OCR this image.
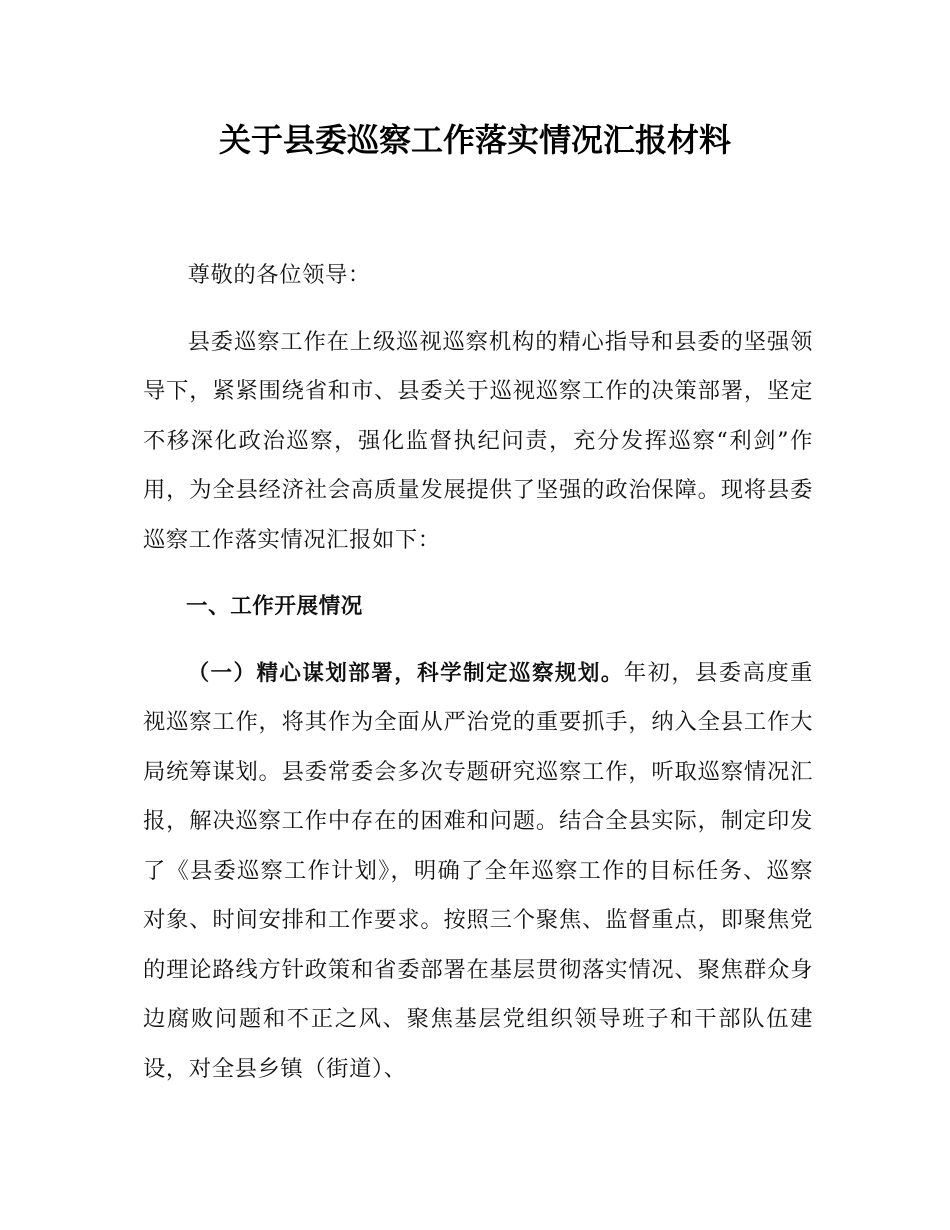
关于县委巡察工作落实情况汇报材料

尊敬的各位领导：

县委巡察工作在上级巡视巡察机构的精心指导和县委的坚强领导下，紧紧围绕省和市、县委关于巡视巡察工作的决策部署，坚定不移深化政治巡察，强化监督执纪问责，充分发挥巡察“利剑”作用，为全县经济社会高质量发展提供了坚强的政治保障。现将县委巡察工作落实情况汇报如下：

一、工作开展情况

（一）精心谋划部署，科学制定巡察规划。年初，县委高度重视巡察工作，将其作为全面从严治党的重要抓手，纳入全县工作大局统筹谋划。县委常委会多次专题研究巡察工作，听取巡察情况汇报，解决巡察工作中存在的困难和问题。结合全县实际，制定印发了《县委巡察工作计划》，明确了全年巡察工作的目标任务、巡察对象、时间安排和工作要求。按照三个聚焦、监督重点，即聚焦党的理论路线方针政策和省委部署在基层贯彻落实情况、聚焦群众身边腐败问题和不正之风、聚焦基层党组织领导班子和干部队伍建设，对全县乡镇（街道）、
